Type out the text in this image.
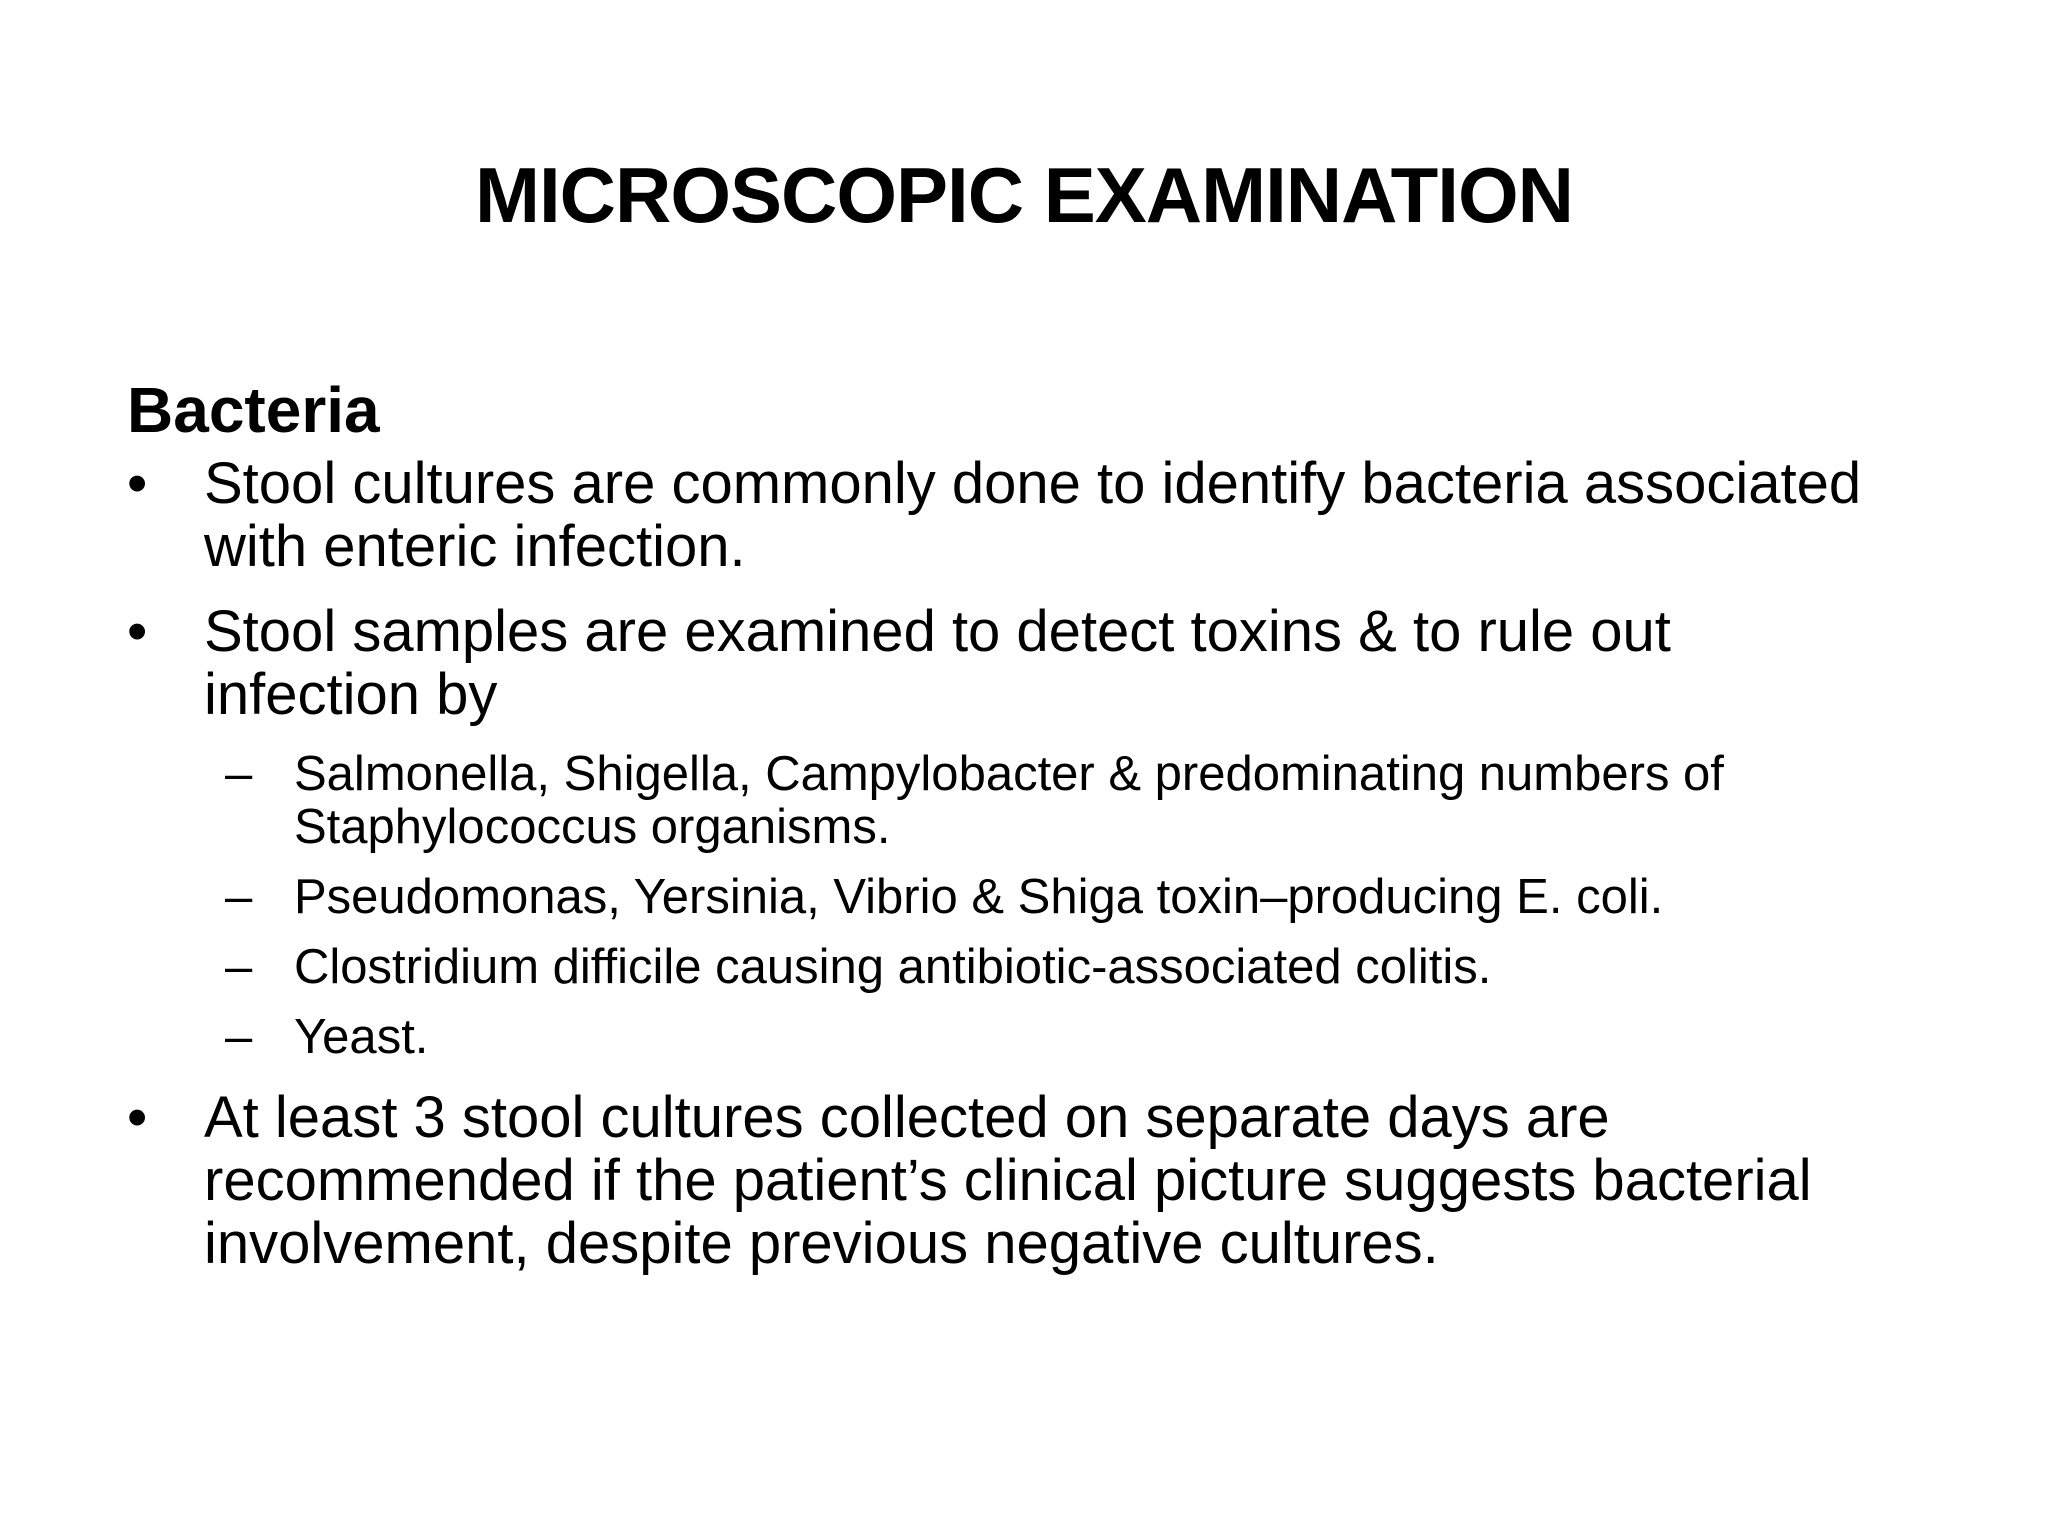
MICROSCOPIC EXAMINATION
Bacteria
• Stool cultures are commonly done to identify bacteria associated with enteric infection.
• Stool samples are examined to detect toxins & to rule out infection by
– Salmonella, Shigella, Campylobacter & predominating numbers of Staphylococcus organisms.
– Pseudomonas, Yersinia, Vibrio & Shiga toxin–producing E. coli.
– Clostridium difficile causing antibiotic-associated colitis.
– Yeast.
• At least 3 stool cultures collected on separate days are recommended if the patient’s clinical picture suggests bacterial involvement, despite previous negative cultures.
